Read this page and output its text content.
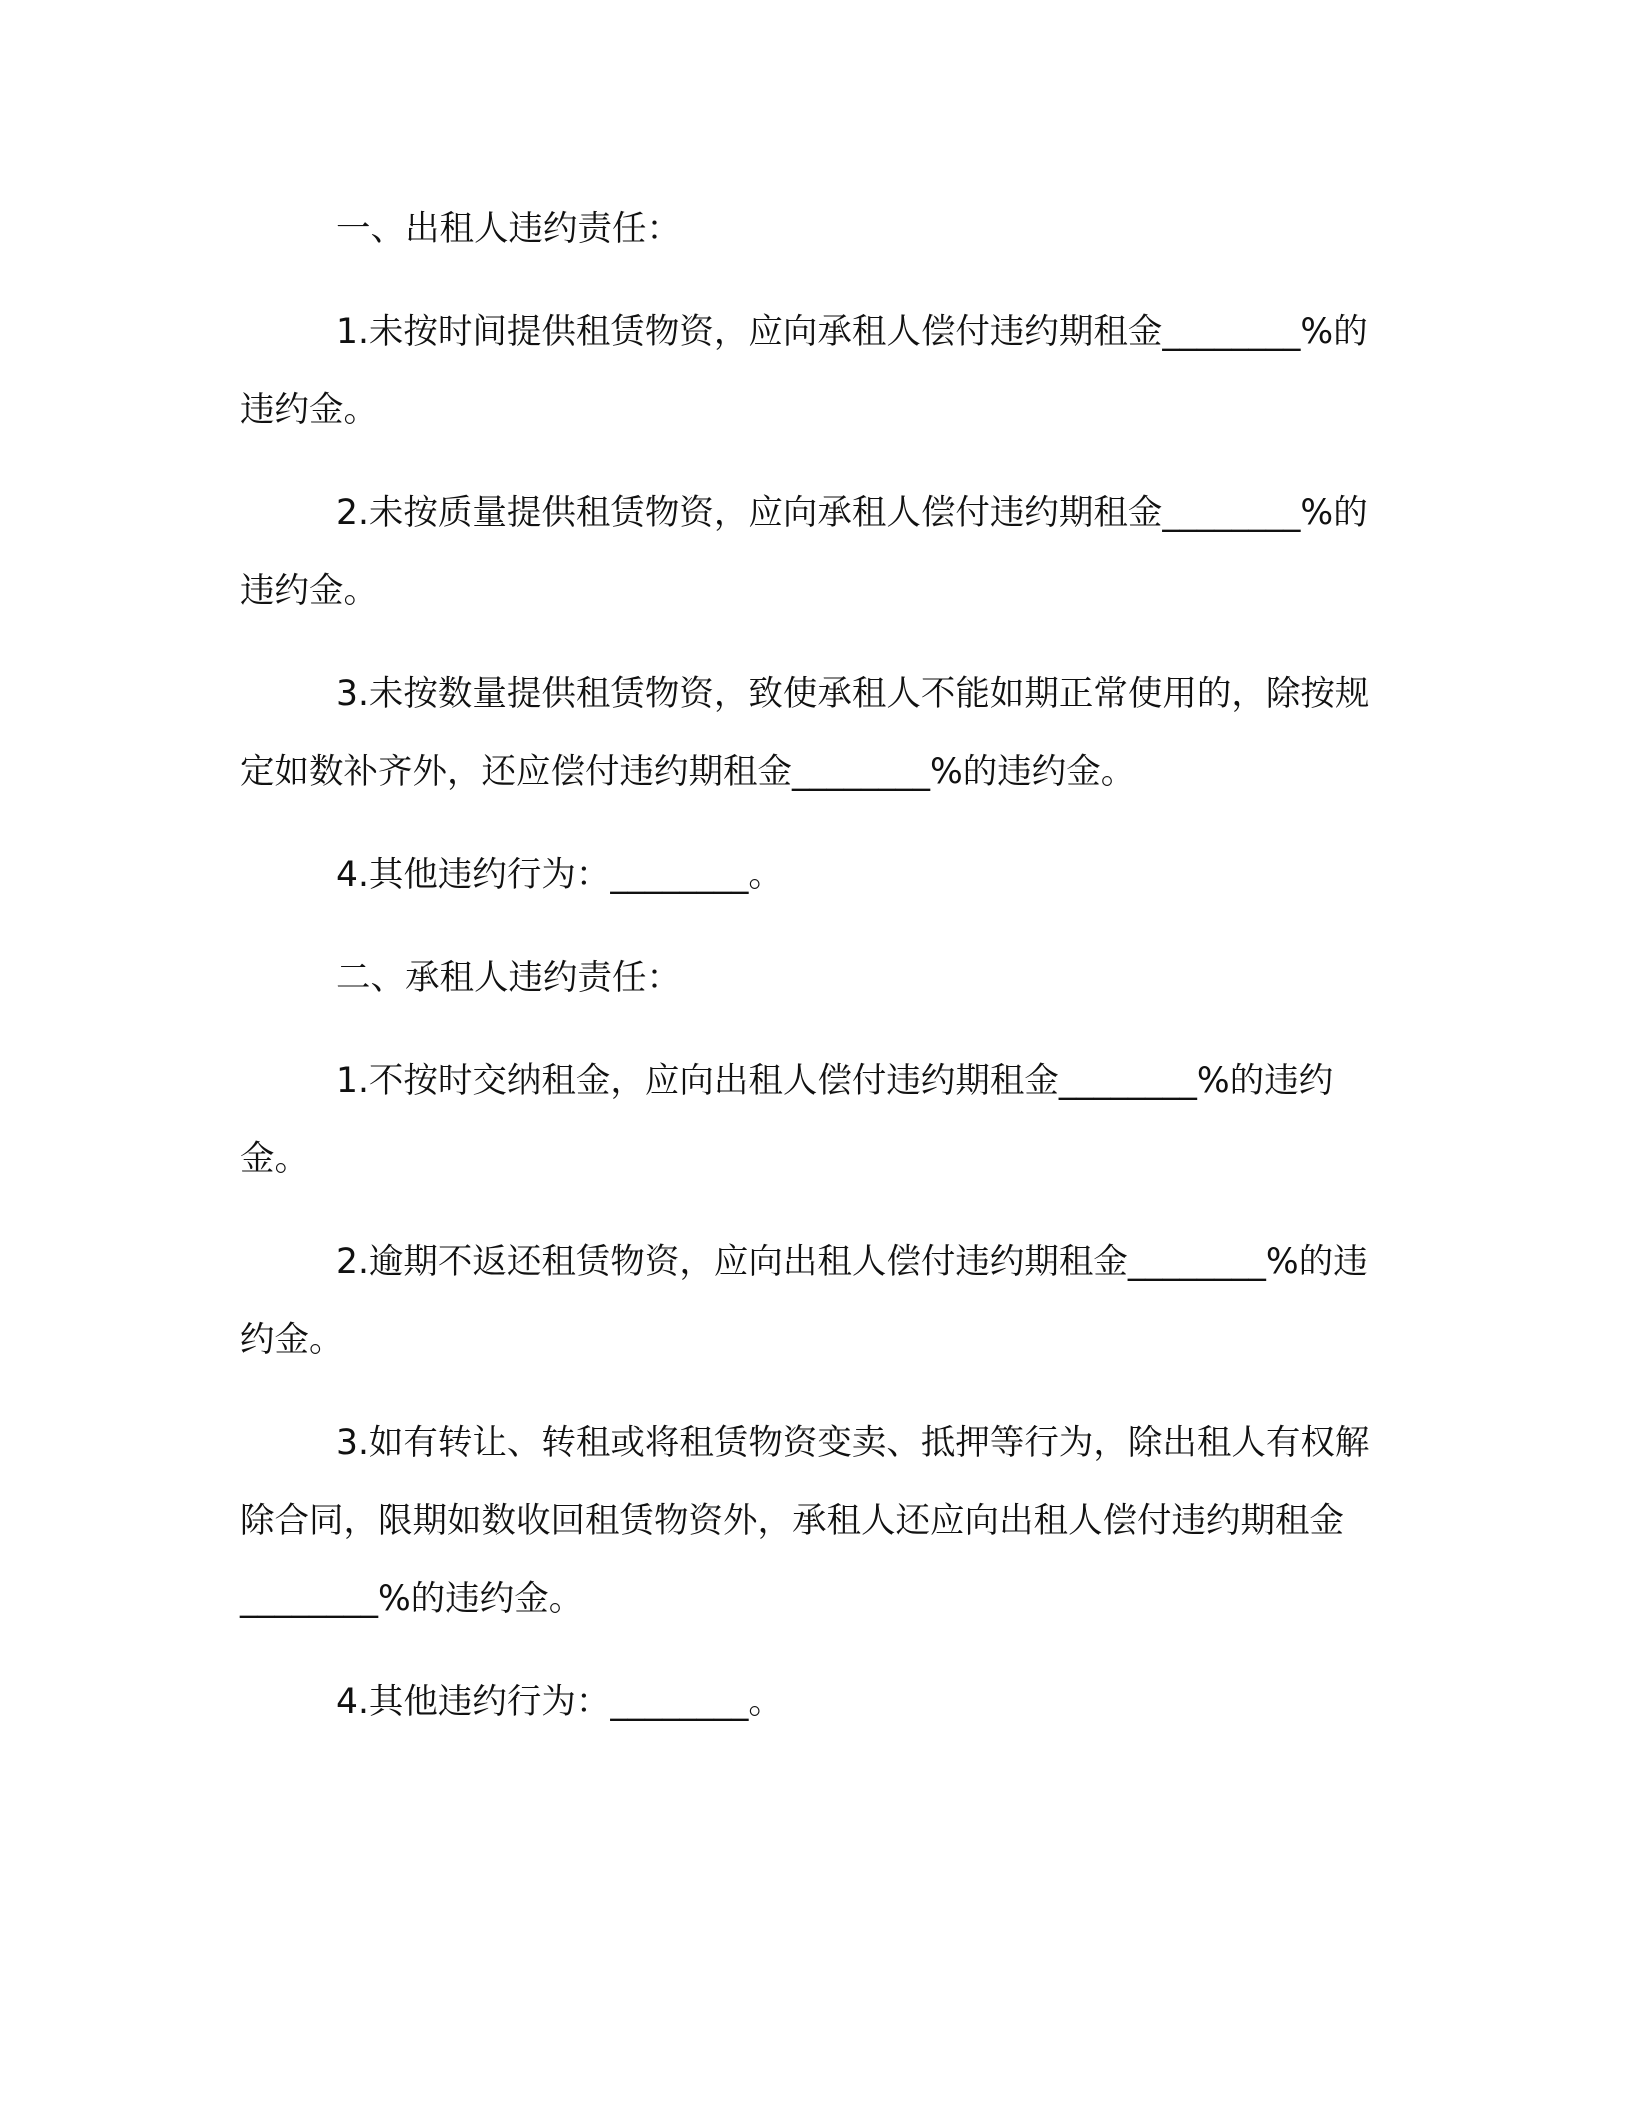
一、出租人违约责任：

1.未按时间提供租赁物资，应向承租人偿付违约期租金________%的违约金。

2.未按质量提供租赁物资，应向承租人偿付违约期租金________%的违约金。

3.未按数量提供租赁物资，致使承租人不能如期正常使用的，除按规定如数补齐外，还应偿付违约期租金________%的违约金。

4.其他违约行为：________。

二、承租人违约责任：

1.不按时交纳租金，应向出租人偿付违约期租金________%的违约金。

2.逾期不返还租赁物资，应向出租人偿付违约期租金________%的违约金。

3.如有转让、转租或将租赁物资变卖、抵押等行为，除出租人有权解除合同，限期如数收回租赁物资外，承租人还应向出租人偿付违约期租金________%的违约金。

4.其他违约行为：________。
